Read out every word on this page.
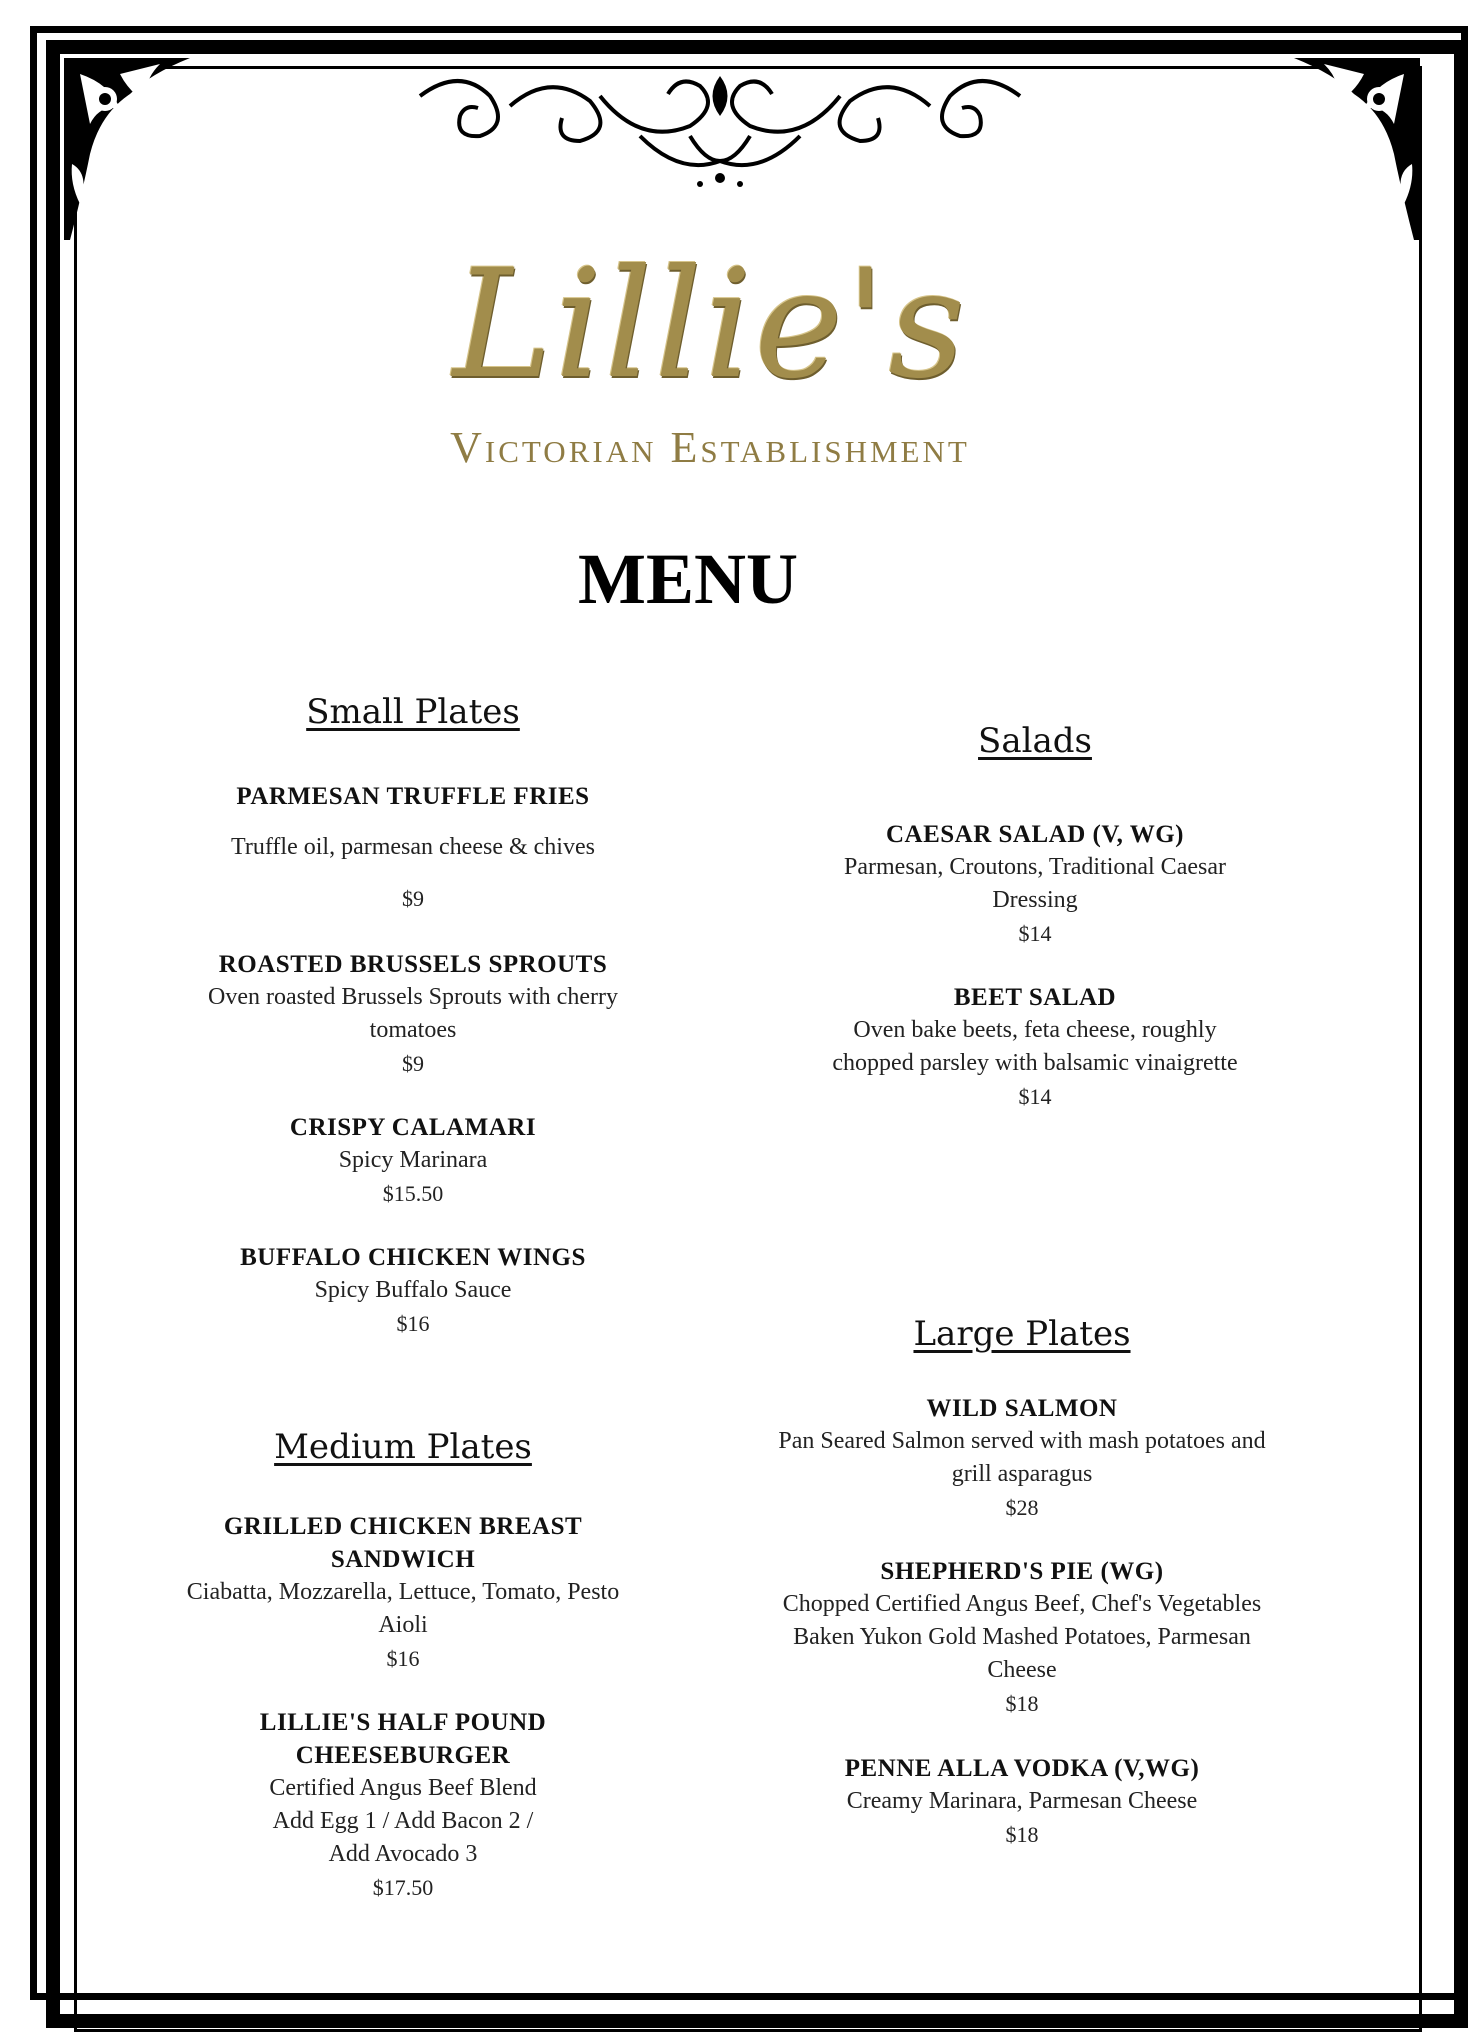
Lillie's
Victorian Establishment
MENU
Small Plates
PARMESAN TRUFFLE FRIES
Truffle oil, parmesan cheese & chives
$9
ROASTED BRUSSELS SPROUTS
Oven roasted Brussels Sprouts with cherry tomatoes
$9
CRISPY CALAMARI
Spicy Marinara
$15.50
BUFFALO CHICKEN WINGS
Spicy Buffalo Sauce
$16
Salads
CAESAR SALAD (V, WG)
Parmesan, Croutons, Traditional Caesar Dressing
$14
BEET SALAD
Oven bake beets, feta cheese, roughly chopped parsley with balsamic vinaigrette
$14
Medium Plates
GRILLED CHICKEN BREAST SANDWICH
Ciabatta, Mozzarella, Lettuce, Tomato, Pesto Aioli
$16
LILLIE'S HALF POUND CHEESEBURGER
Certified Angus Beef Blend Add Egg 1 / Add Bacon 2 / Add Avocado 3
$17.50
Large Plates
WILD SALMON
Pan Seared Salmon served with mash potatoes and grill asparagus
$28
SHEPHERD'S PIE (WG)
Chopped Certified Angus Beef, Chef's Vegetables Baken Yukon Gold Mashed Potatoes, Parmesan Cheese
$18
PENNE ALLA VODKA (V,WG)
Creamy Marinara, Parmesan Cheese
$18
